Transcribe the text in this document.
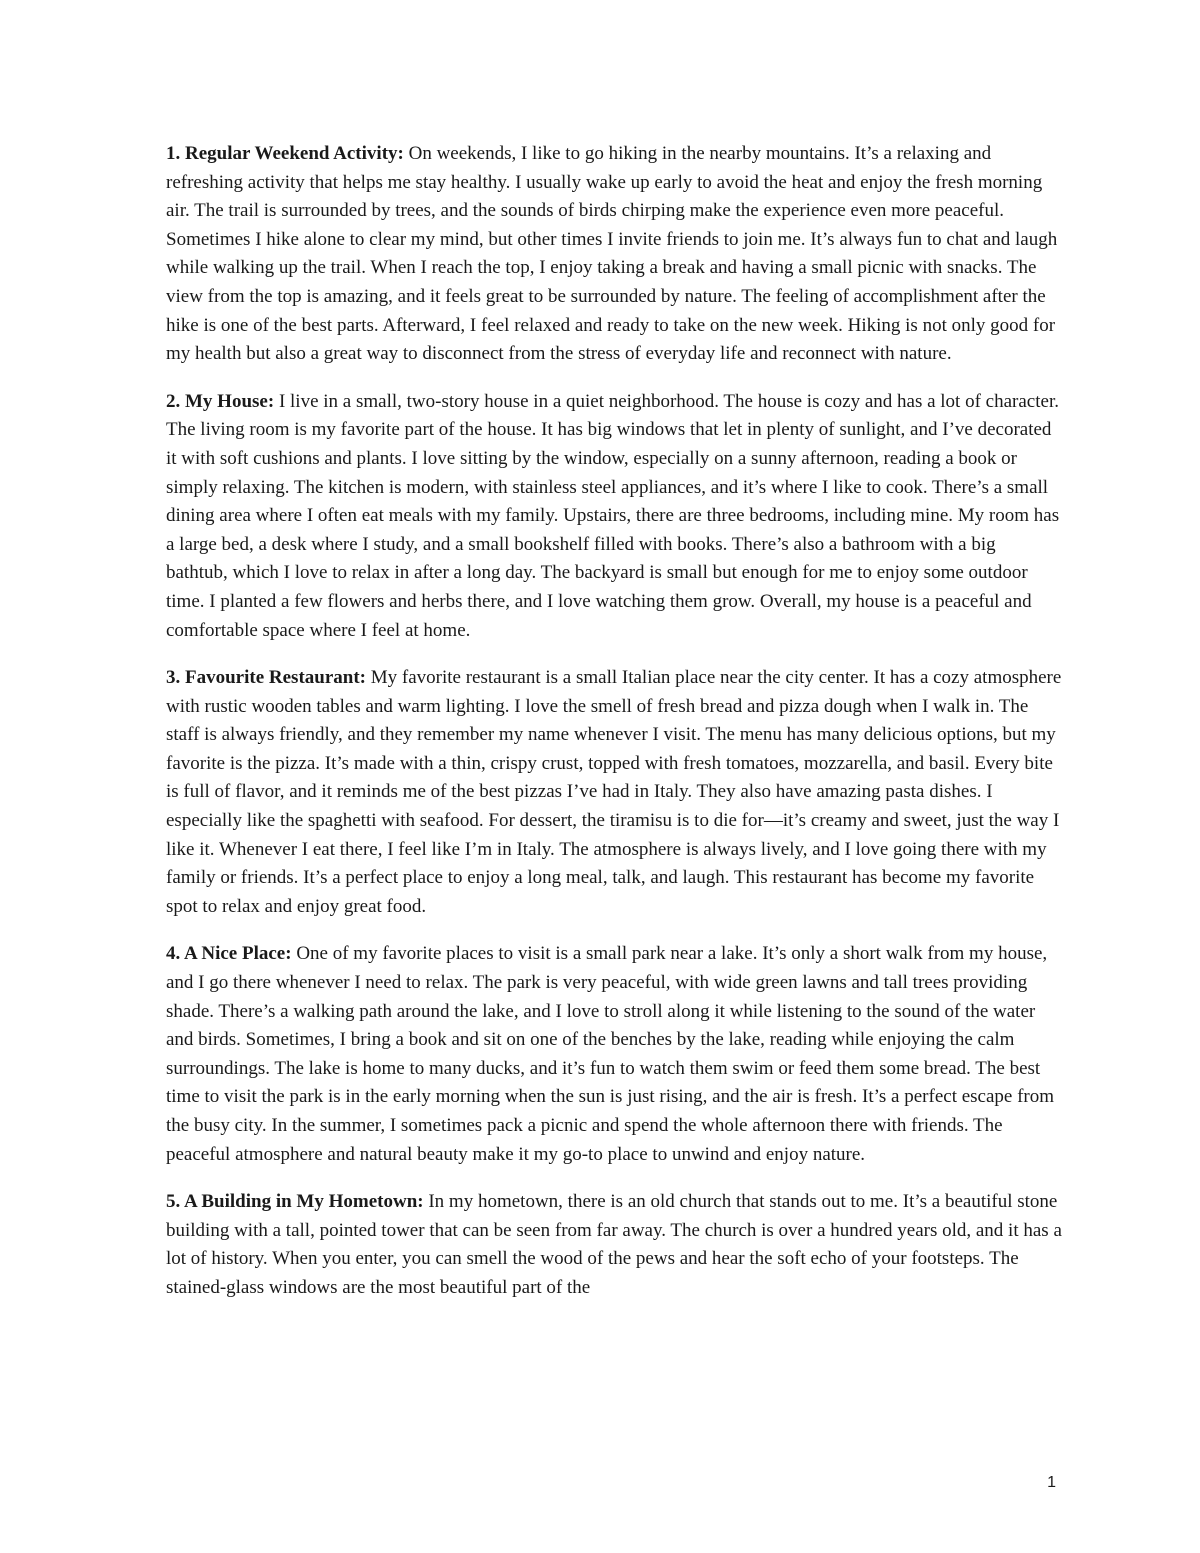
1. Regular Weekend Activity: On weekends, I like to go hiking in the nearby mountains. It’s a relaxing and refreshing activity that helps me stay healthy. I usually wake up early to avoid the heat and enjoy the fresh morning air. The trail is surrounded by trees, and the sounds of birds chirping make the experience even more peaceful. Sometimes I hike alone to clear my mind, but other times I invite friends to join me. It’s always fun to chat and laugh while walking up the trail. When I reach the top, I enjoy taking a break and having a small picnic with snacks. The view from the top is amazing, and it feels great to be surrounded by nature. The feeling of accomplishment after the hike is one of the best parts. Afterward, I feel relaxed and ready to take on the new week. Hiking is not only good for my health but also a great way to disconnect from the stress of everyday life and reconnect with nature.

2. My House: I live in a small, two-story house in a quiet neighborhood. The house is cozy and has a lot of character. The living room is my favorite part of the house. It has big windows that let in plenty of sunlight, and I’ve decorated it with soft cushions and plants. I love sitting by the window, especially on a sunny afternoon, reading a book or simply relaxing. The kitchen is modern, with stainless steel appliances, and it’s where I like to cook. There’s a small dining area where I often eat meals with my family. Upstairs, there are three bedrooms, including mine. My room has a large bed, a desk where I study, and a small bookshelf filled with books. There’s also a bathroom with a big bathtub, which I love to relax in after a long day. The backyard is small but enough for me to enjoy some outdoor time. I planted a few flowers and herbs there, and I love watching them grow. Overall, my house is a peaceful and comfortable space where I feel at home.

3. Favourite Restaurant: My favorite restaurant is a small Italian place near the city center. It has a cozy atmosphere with rustic wooden tables and warm lighting. I love the smell of fresh bread and pizza dough when I walk in. The staff is always friendly, and they remember my name whenever I visit. The menu has many delicious options, but my favorite is the pizza. It’s made with a thin, crispy crust, topped with fresh tomatoes, mozzarella, and basil. Every bite is full of flavor, and it reminds me of the best pizzas I’ve had in Italy. They also have amazing pasta dishes. I especially like the spaghetti with seafood. For dessert, the tiramisu is to die for—it’s creamy and sweet, just the way I like it. Whenever I eat there, I feel like I’m in Italy. The atmosphere is always lively, and I love going there with my family or friends. It’s a perfect place to enjoy a long meal, talk, and laugh. This restaurant has become my favorite spot to relax and enjoy great food.

4. A Nice Place: One of my favorite places to visit is a small park near a lake. It’s only a short walk from my house, and I go there whenever I need to relax. The park is very peaceful, with wide green lawns and tall trees providing shade. There’s a walking path around the lake, and I love to stroll along it while listening to the sound of the water and birds. Sometimes, I bring a book and sit on one of the benches by the lake, reading while enjoying the calm surroundings. The lake is home to many ducks, and it’s fun to watch them swim or feed them some bread. The best time to visit the park is in the early morning when the sun is just rising, and the air is fresh. It’s a perfect escape from the busy city. In the summer, I sometimes pack a picnic and spend the whole afternoon there with friends. The peaceful atmosphere and natural beauty make it my go-to place to unwind and enjoy nature.

5. A Building in My Hometown: In my hometown, there is an old church that stands out to me. It’s a beautiful stone building with a tall, pointed tower that can be seen from far away. The church is over a hundred years old, and it has a lot of history. When you enter, you can smell the wood of the pews and hear the soft echo of your footsteps. The stained-glass windows are the most beautiful part of the

1
